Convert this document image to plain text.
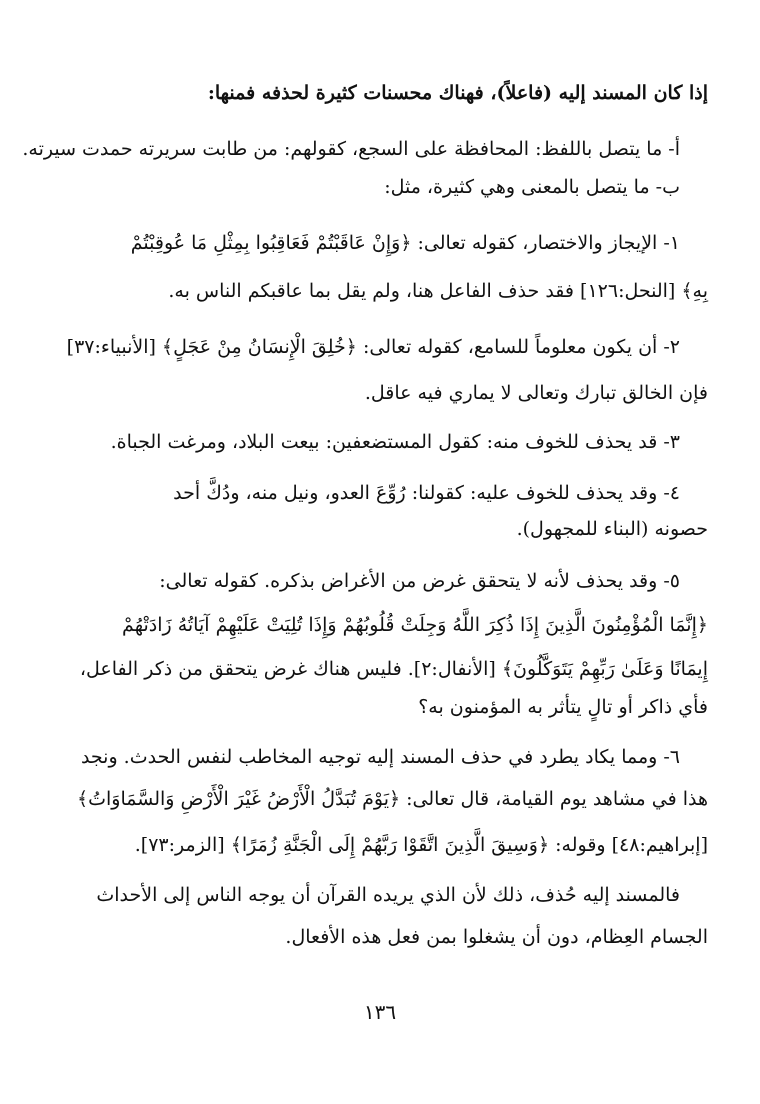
إذا كان المسند إليه (فاعلاً)، فهناك محسنات كثيرة لحذفه فمنها:
أ- ما يتصل باللفظ: المحافظة على السجع، كقولهم: من طابت سريرته حمدت سيرته.
ب- ما يتصل بالمعنى وهي كثيرة، مثل:
١- الإيجاز والاختصار، كقوله تعالى: ﴿وَإِنْ عَاقَبْتُمْ فَعَاقِبُوا بِمِثْلِ مَا عُوقِبْتُمْ
بِهِ﴾ [النحل:١٢٦] فقد حذف الفاعل هنا، ولم يقل بما عاقبكم الناس به.
٢- أن يكون معلوماً للسامع، كقوله تعالى: ﴿خُلِقَ الْإِنسَانُ مِنْ عَجَلٍ﴾ [الأنبياء:٣٧]
فإن الخالق تبارك وتعالى لا يماري فيه عاقل.
٣- قد يحذف للخوف منه: كقول المستضعفين: بيعت البلاد، ومرغت الجباة.
٤- وقد يحذف للخوف عليه: كقولنا: رُوِّعَ العدو، ونيل منه، ودُكَّ أحد
حصونه (البناء للمجهول).
٥- وقد يحذف لأنه لا يتحقق غرض من الأغراض بذكره. كقوله تعالى:
﴿إِنَّمَا الْمُؤْمِنُونَ الَّذِينَ إِذَا ذُكِرَ اللَّهُ وَجِلَتْ قُلُوبُهُمْ وَإِذَا تُلِيَتْ عَلَيْهِمْ آيَاتُهُ زَادَتْهُمْ
إِيمَانًا وَعَلَىٰ رَبِّهِمْ يَتَوَكَّلُونَ﴾ [الأنفال:٢]. فليس هناك غرض يتحقق من ذكر الفاعل،
فأي ذاكر أو تالٍ يتأثر به المؤمنون به؟
٦- ومما يكاد يطرد في حذف المسند إليه توجيه المخاطب لنفس الحدث. ونجد
هذا في مشاهد يوم القيامة، قال تعالى: ﴿يَوْمَ تُبَدَّلُ الْأَرْضُ غَيْرَ الْأَرْضِ وَالسَّمَاوَاتُ﴾
[إبراهيم:٤٨] وقوله: ﴿وَسِيقَ الَّذِينَ اتَّقَوْا رَبَّهُمْ إِلَى الْجَنَّةِ زُمَرًا﴾ [الزمر:٧٣].
فالمسند إليه حُذف، ذلك لأن الذي يريده القرآن أن يوجه الناس إلى الأحداث
الجسام العِظام، دون أن يشغلوا بمن فعل هذه الأفعال.
١٣٦
